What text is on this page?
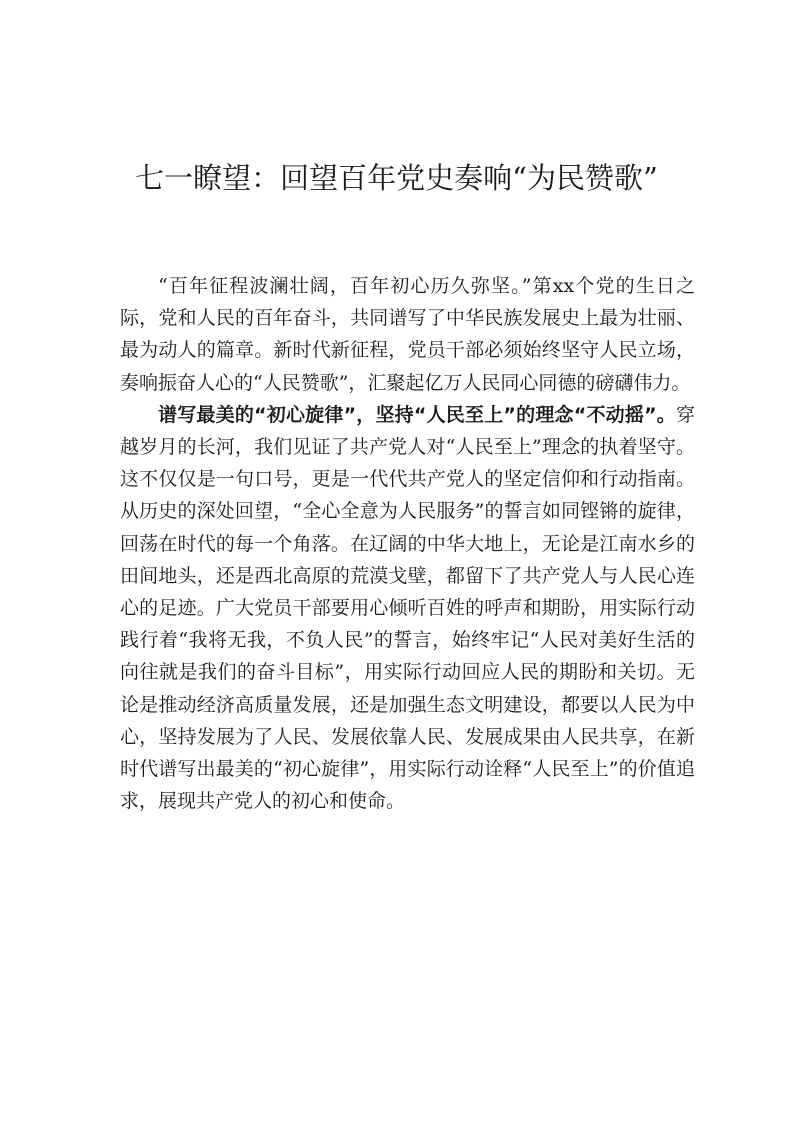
七一瞭望：回望百年党史奏响“为民赞歌”

“百年征程波澜壮阔，百年初心历久弥坚。”第xx个党的生日之际，党和人民的百年奋斗，共同谱写了中华民族发展史上最为壮丽、最为动人的篇章。新时代新征程，党员干部必须始终坚守人民立场，奏响振奋人心的“人民赞歌”，汇聚起亿万人民同心同德的磅礴伟力。

谱写最美的“初心旋律”，坚持“人民至上”的理念“不动摇”。穿越岁月的长河，我们见证了共产党人对“人民至上”理念的执着坚守。这不仅仅是一句口号，更是一代代共产党人的坚定信仰和行动指南。从历史的深处回望，“全心全意为人民服务”的誓言如同铿锵的旋律，回荡在时代的每一个角落。在辽阔的中华大地上，无论是江南水乡的田间地头，还是西北高原的荒漠戈壁，都留下了共产党人与人民心连心的足迹。广大党员干部要用心倾听百姓的呼声和期盼，用实际行动践行着“我将无我，不负人民”的誓言，始终牢记“人民对美好生活的向往就是我们的奋斗目标”，用实际行动回应人民的期盼和关切。无论是推动经济高质量发展，还是加强生态文明建设，都要以人民为中心，坚持发展为了人民、发展依靠人民、发展成果由人民共享，在新时代谱写出最美的“初心旋律”，用实际行动诠释“人民至上”的价值追求，展现共产党人的初心和使命。
